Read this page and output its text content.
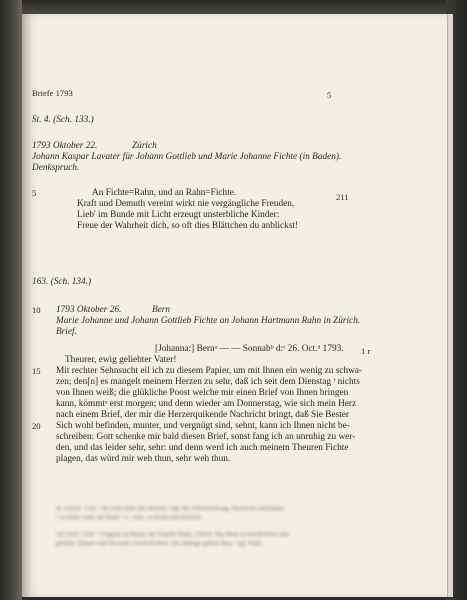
Briefe 1793	5
St. 4. (Sch. 133.)
1793 Oktober 22.	Zürich
Johann Kaspar Lavater für Johann Gottlieb und Marie Johanne Fichte (in Baden).
Denkspruch.
5	211
An Fichte=Rahn, und an Rahn=Fichte.
Kraft und Demuth vereint wirkt nie vergängliche Freuden,
Lieb' im Bunde mit Licht erzeugt unsterbliche Kinder:
Freue der Wahrheit dich, so oft dies Blättchen du anblickst!
163. (Sch. 134.)
10 1793 Oktober 26.	Bern
Marie Johanne und Johann Gottlieb Fichte an Johann Hartmann Rahn in Zürich.
Brief.
[Johanna:] Bernᵃ — — Sonnabᵇ d:ᶜ 26. Oct.ᵈ 1793. 1 r
Theurer, ewig geliebter Vater!
15 Mit rechter Sehnsucht eil ich zu diesem Papier, um mit Ihnen ein wenig zu schwa-
zen; den[n] es mangelt meinem Herzen zu sehr, daß ich seit dem Dienstag ᶠ nichts
von Ihnen weiß; die glükliche Poost welche mir einen Brief von Ihnen bringen
kann, kömmtᵉ erst morgen; und denn wieder am Donnerstag, wie sich mein Herz
nach einem Brief, der mir die Herzerquikende Nachricht bringt, daß Sie Bester
20 Sich wohl befinden, munter, und vergnügt sind, sehnt, kann ich Ihnen nicht be-
schreiben: Gott schenke mir bald diesen Brief, sonst fang ich an unruhig zu wer-
den, und das leider sehr, sehr: und denn werd ich auch meinem Theuren Fichte
plagen, das würd mir weh thun, sehr weh thun.
St. 4 (Sch. 133). ¹ als erste Seite des Briefes. Vgl. die Vorbemerkung. Nachweis unbekannt.
¹ zu Zeile Anm. am Rand. ² s. Anm. zu Kraft und Demuth.
163 (Sch. 134). ¹ Original im Besitz der Familie Rahn, Zürich. Das Blatt ist beschrieben und
gefaltet. Datum und Ort nach Anschrift Bern. Die Beilage gehört dazu. Vgl. Rahn.
